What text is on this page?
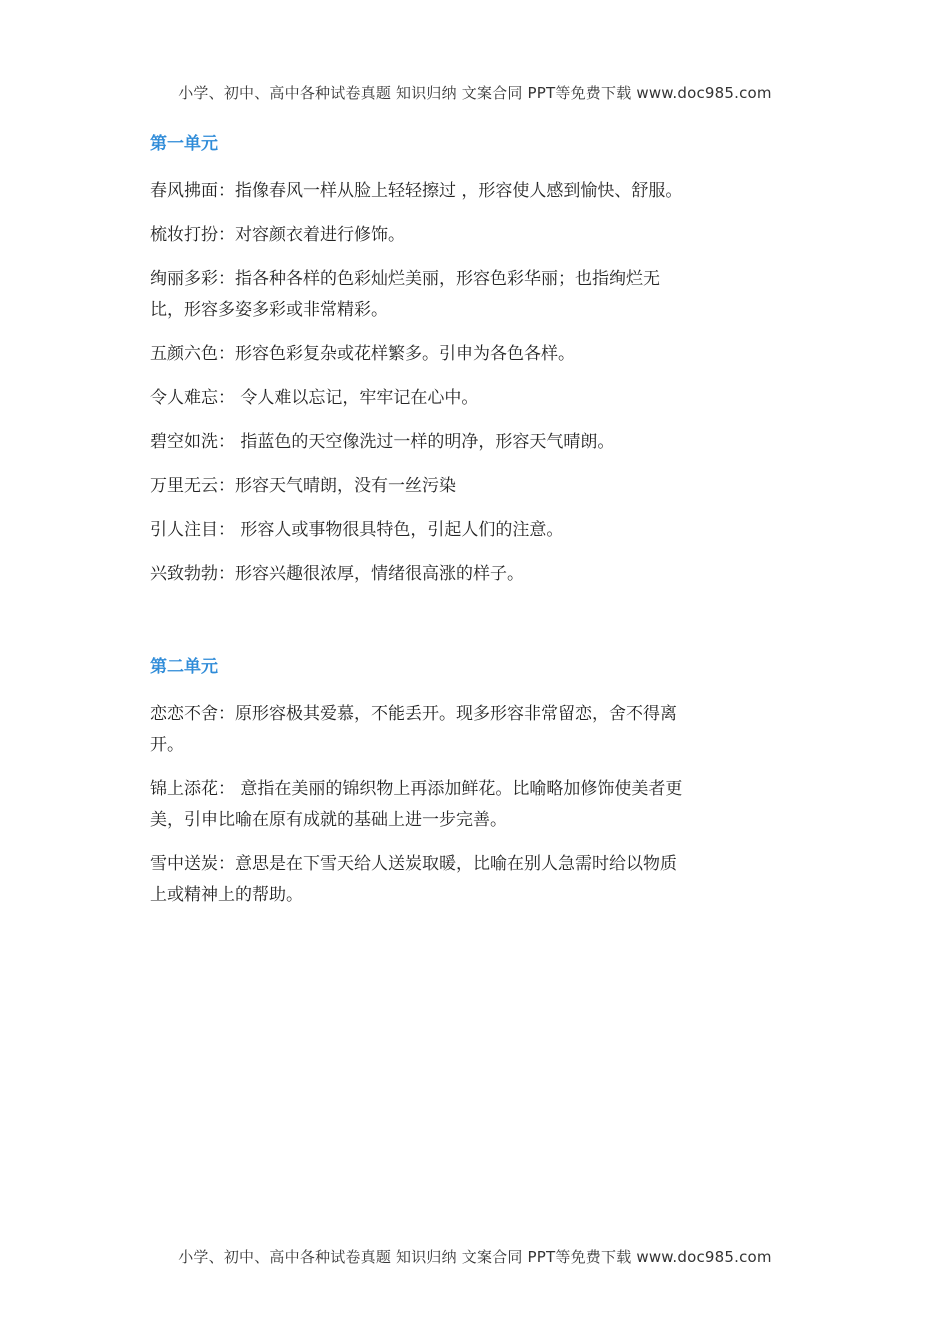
小学、初中、高中各种试卷真题 知识归纳 文案合同 PPT等免费下载 www.doc985.com
第一单元

春风拂面：指像春风一样从脸上轻轻擦过 ，形容使人感到愉快、舒服。

梳妆打扮：对容颜衣着进行修饰。

绚丽多彩：指各种各样的色彩灿烂美丽，形容色彩华丽；也指绚烂无比，形容多姿多彩或非常精彩。

五颜六色：形容色彩复杂或花样繁多。引申为各色各样。

令人难忘： 令人难以忘记，牢牢记在心中。

碧空如洗： 指蓝色的天空像洗过一样的明净，形容天气晴朗。

万里无云：形容天气晴朗，没有一丝污染

引人注目： 形容人或事物很具特色，引起人们的注意。

兴致勃勃：形容兴趣很浓厚，情绪很高涨的样子。

第二单元

恋恋不舍：原形容极其爱慕，不能丢开。现多形容非常留恋，舍不得离开。

锦上添花： 意指在美丽的锦织物上再添加鲜花。比喻略加修饰使美者更美，引申比喻在原有成就的基础上进一步完善。

雪中送炭：意思是在下雪天给人送炭取暖，比喻在别人急需时给以物质上或精神上的帮助。

小学、初中、高中各种试卷真题 知识归纳 文案合同 PPT等免费下载 www.doc985.com
